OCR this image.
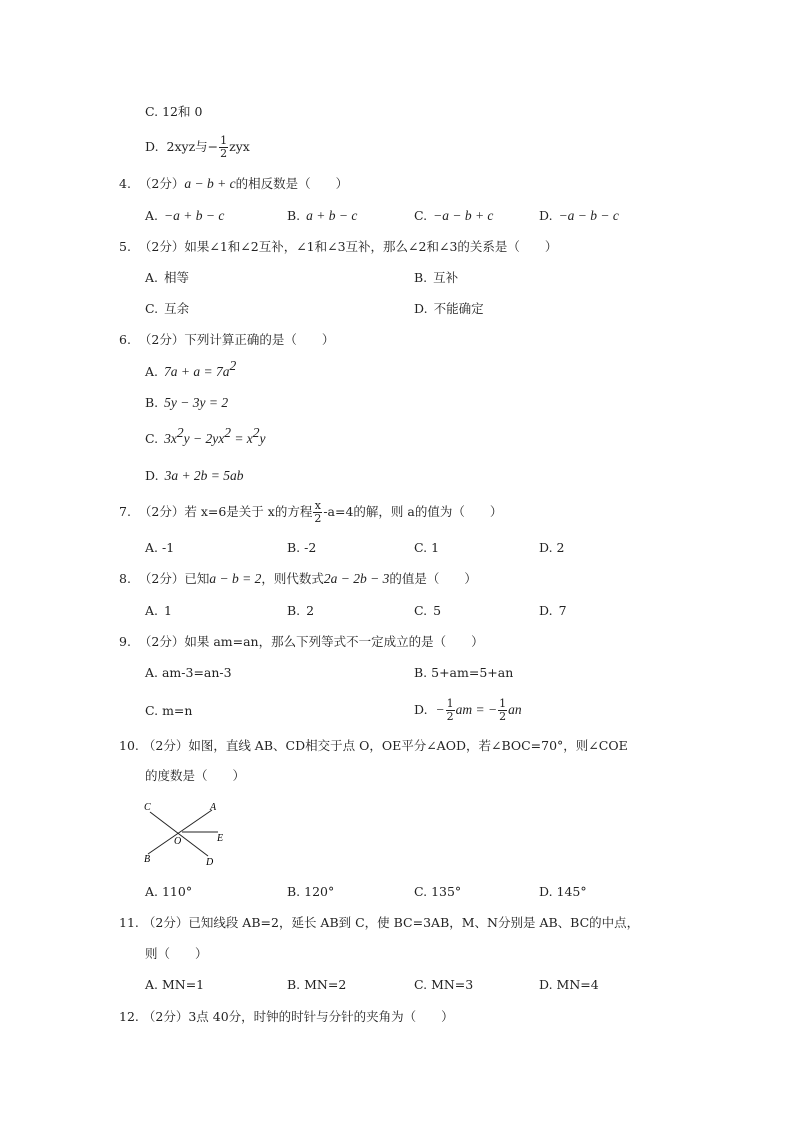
C. 12和 0
D. 2xyz与− $\frac{1}{2}$ zyx
4. （2分）a − b + c的相反数是（　　）
A. −a + b − c	B. a + b − c	C. −a − b + c	D. −a − b − c
5. （2分）如果∠1和∠2互补，∠1和∠3互补，那么∠2和∠3的关系是（　　）
A. 相等	B. 互补
C. 互余	D. 不能确定
6. （2分）下列计算正确的是（　　）
A. $7a + a = 7a^2$
B. 5y − 3y = 2
C. $3x^2y - 2yx^2 = x^2y$
D. 3a + 2b = 5ab
7. （2分）若 x=6是关于 x的方程 $\frac{x}{2} -a=4$的解，则 a的值为（　　）
A. -1	B. -2	C. 1	D. 2
8. （2分）已知a − b = 2，则代数式2a − 2b − 3的值是（　　）
A. 1	B. 2	C. 5	D. 7
9. （2分）如果 am=an，那么下列等式不一定成立的是（　　）
A. am-3=an-3	B. 5+am=5+an
C. m=n	D. − $\frac{1}{2}$ am = − $\frac{1}{2}$ an
10. （2分）如图，直线 AB、CD相交于点 O，OE平分∠AOD，若∠BOC=70°，则∠COE
的度数是（　　）
C	A
E
O
B	D
A. 110°	B. 120°	C. 135°	D. 145°
11. （2分）已知线段 AB=2，延长 AB到 C，使 BC=3AB，M、N分别是 AB、BC的中点，
则（　　）
A. MN=1	B. MN=2	C. MN=3	D. MN=4
12. （2分）3点 40分，时钟的时针与分针的夹角为（　　）
